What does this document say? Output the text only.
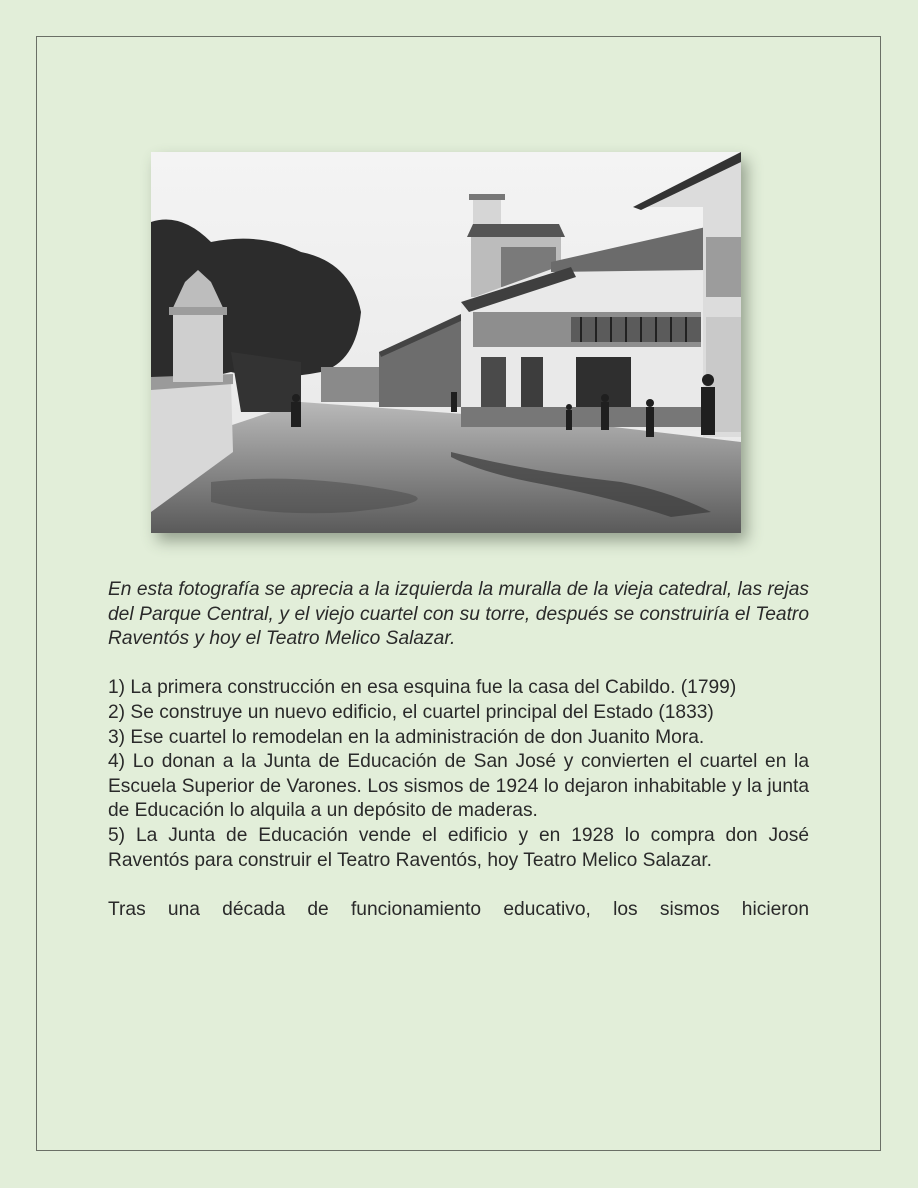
En esta fotografía se aprecia a la izquierda la muralla de la vieja catedral, las rejas del Parque Central, y el viejo cuartel con su torre, después se construiría el Teatro Raventós y hoy el Teatro Melico Salazar.

1) La primera construcción en esa esquina fue la casa del Cabildo. (1799)

2) Se construye un nuevo edificio, el cuartel principal del Estado (1833)

3) Ese cuartel lo remodelan en la administración de don Juanito Mora.

4) Lo donan a la Junta de Educación de San José y convierten el cuartel en la Escuela Superior de Varones. Los sismos de 1924 lo dejaron inhabitable y la junta de Educación lo alquila a un depósito de maderas.

5) La Junta de Educación vende el edificio y en 1928 lo compra don José Raventós para construir el Teatro Raventós, hoy Teatro Melico Salazar.

Tras una década de funcionamiento educativo, los sismos hicieron
